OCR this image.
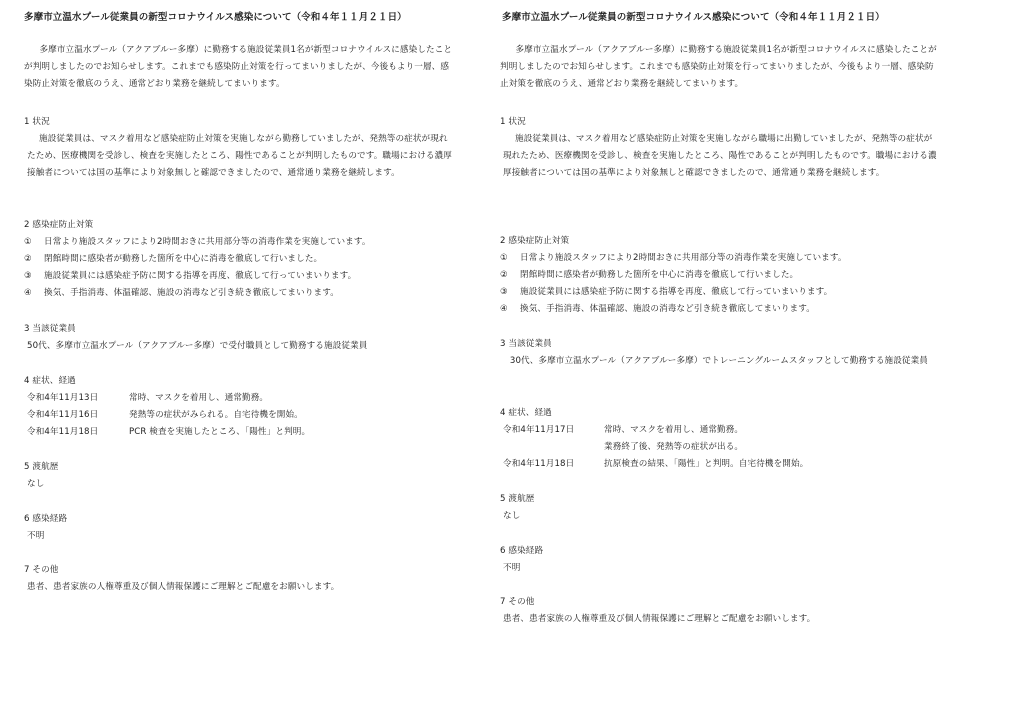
多摩市立温水プール従業員の新型コロナウイルス感染について（令和４年１１月２１日）

多摩市立温水プール（アクアブルー多摩）に勤務する施設従業員1名が新型コロナウイルスに感染したことが判明しましたのでお知らせします。これまでも感染防止対策を行ってまいりましたが、今後もより一層、感染防止対策を徹底のうえ、通常どおり業務を継続してまいります。

1 状況

施設従業員は、マスク着用など感染症防止対策を実施しながら勤務していましたが、発熱等の症状が現れたため、医療機関を受診し、検査を実施したところ、陽性であることが判明したものです。職場における濃厚接触者については国の基準により対象無しと確認できましたので、通常通り業務を継続します。

2 感染症防止対策
① 日常より施設スタッフにより2時間おきに共用部分等の消毒作業を実施しています。
② 閉館時間に感染者が動務した箇所を中心に消毒を徹底して行いました。
③ 施設従業員には感染症予防に関する指導を再度、徹底して行っていまいります。
④ 換気、手指消毒、体温確認、施設の消毒など引き続き徹底してまいります。
3 当該従業員
50代、多摩市立温水プール（アクアブルー多摩）で受付職員として勤務する施設従業員
4 症状、経過
令和4年11月13日	常時、マスクを着用し、通常勤務。
令和4年11月16日	発熱等の症状がみられる。自宅待機を開始。
令和4年11月18日	PCR 検査を実施したところ、「陽性」と判明。
5 渡航歴
なし
6 感染経路
不明
7 その他
患者、患者家族の人権尊重及び個人情報保護にご理解とご配慮をお願いします。
多摩市立温水プール従業員の新型コロナウイルス感染について（令和４年１１月２１日）

多摩市立温水プール（アクアブルー多摩）に勤務する施設従業員1名が新型コロナウイルスに感染したことが判明しましたのでお知らせします。これまでも感染防止対策を行ってまいりましたが、今後もより一層、感染防止対策を徹底のうえ、通常どおり業務を継続してまいります。

1 状況

施設従業員は、マスク着用など感染症防止対策を実施しながら職場に出勤していましたが、発熱等の症状が現れたため、医療機関を受診し、検査を実施したところ、陽性であることが判明したものです。職場における濃厚接触者については国の基準により対象無しと確認できましたので、通常通り業務を継続します。

2 感染症防止対策
① 日常より施設スタッフにより2時間おきに共用部分等の消毒作業を実施しています。
② 閉館時間に感染者が動務した箇所を中心に消毒を徹底して行いました。
③ 施設従業員には感染症予防に関する指導を再度、徹底して行っていまいります。
④ 換気、手指消毒、体温確認、施設の消毒など引き続き徹底してまいります。
3 当該従業員

30代、多摩市立温水プール（アクアブルー多摩）でトレーニングルームスタッフとして勤務する施設従業員

4 症状、経過
令和4年11月17日	常時、マスクを着用し、通常勤務。
業務終了後、発熱等の症状が出る。
令和4年11月18日	抗原検査の結果、「陽性」と判明。自宅待機を開始。
5 渡航歴
なし
6 感染経路
不明
7 その他
患者、患者家族の人権尊重及び個人情報保護にご理解とご配慮をお願いします。
